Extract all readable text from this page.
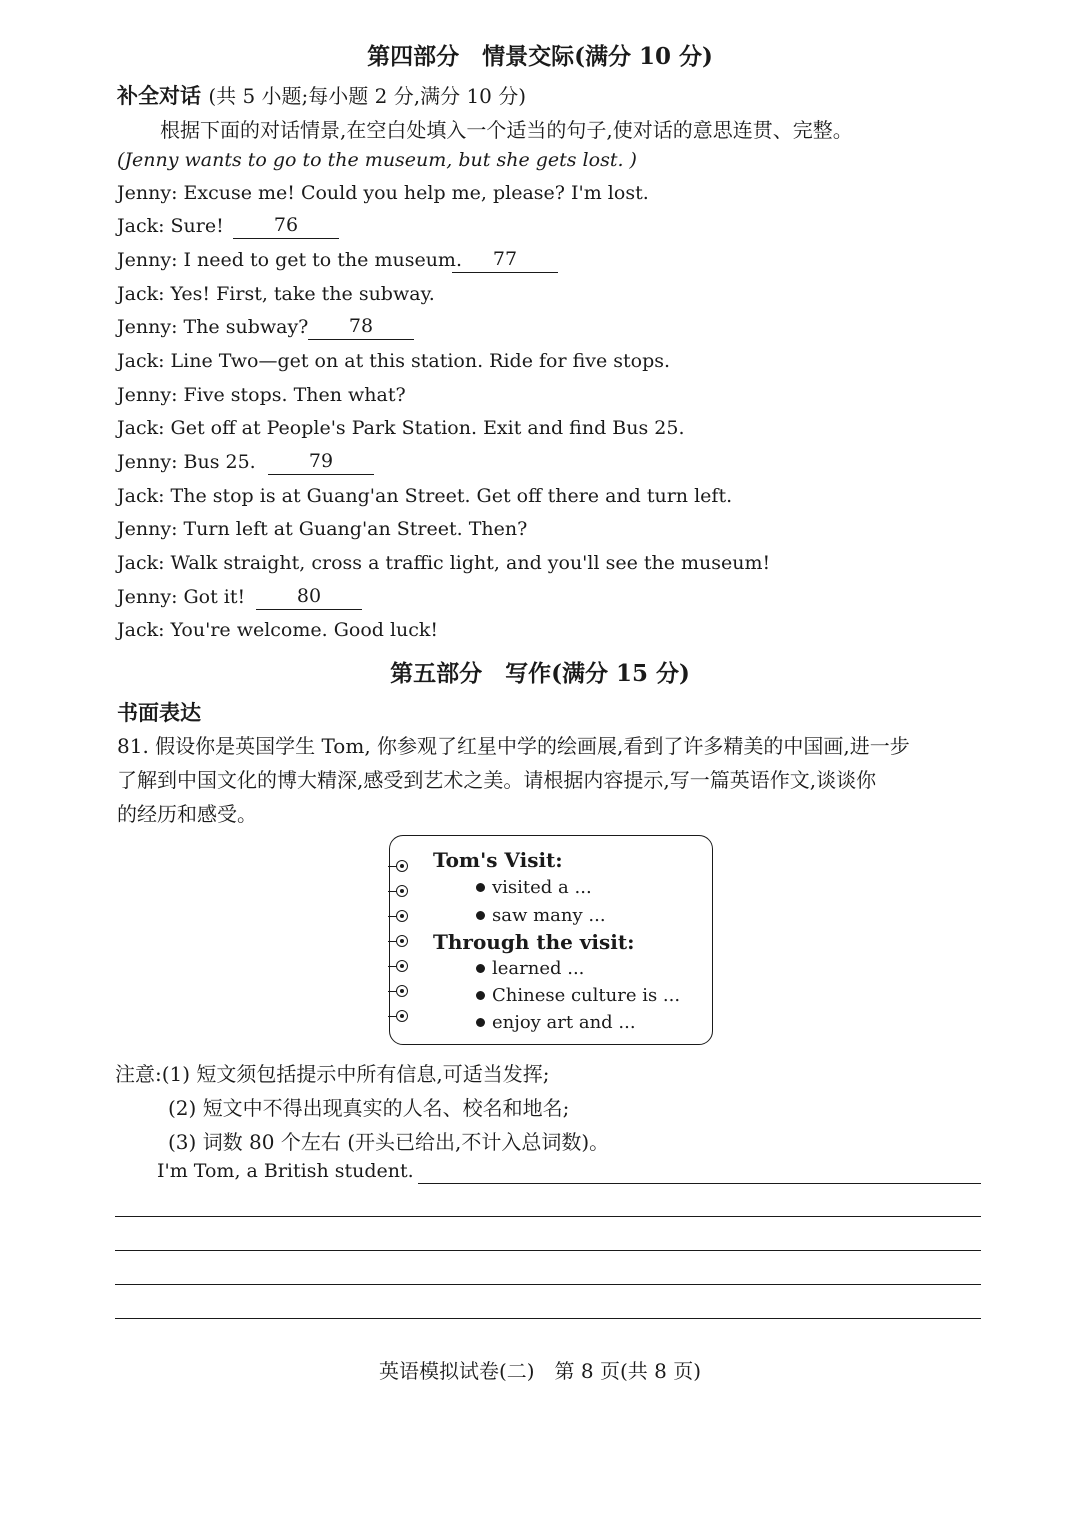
第四部分　情景交际(满分 10 分)
补全对话 (共 5 小题;每小题 2 分,满分 10 分)
根据下面的对话情景,在空白处填入一个适当的句子,使对话的意思连贯、完整。
(Jenny wants to go to the museum, but she gets lost. )
Jenny: Excuse me! Could you help me, please? I'm lost.
Jack: Sure!	76
Jenny: I need to get to the museum.	77
Jack: Yes! First, take the subway.
Jenny: The subway?	78
Jack: Line Two—get on at this station. Ride for five stops.
Jenny: Five stops. Then what?
Jack: Get off at People's Park Station. Exit and find Bus 25.
Jenny: Bus 25.	79
Jack: The stop is at Guang'an Street. Get off there and turn left.
Jenny: Turn left at Guang'an Street. Then?
Jack: Walk straight, cross a traffic light, and you'll see the museum!
Jenny: Got it!	80
Jack: You're welcome. Good luck!
第五部分　写作(满分 15 分)
书面表达
81. 假设你是英国学生 Tom, 你参观了红星中学的绘画展,看到了许多精美的中国画,进一步
了解到中国文化的博大精深,感受到艺术之美。请根据内容提示,写一篇英语作文,谈谈你
的经历和感受。
Tom's Visit:
visited a ...
saw many ...
Through the visit:
learned ...
Chinese culture is ...
enjoy art and ...
注意:(1) 短文须包括提示中所有信息,可适当发挥;
(2) 短文中不得出现真实的人名、校名和地名;
(3) 词数 80 个左右 (开头已给出,不计入总词数)。
I'm Tom, a British student.
英语模拟试卷(二)　第 8 页(共 8 页)
